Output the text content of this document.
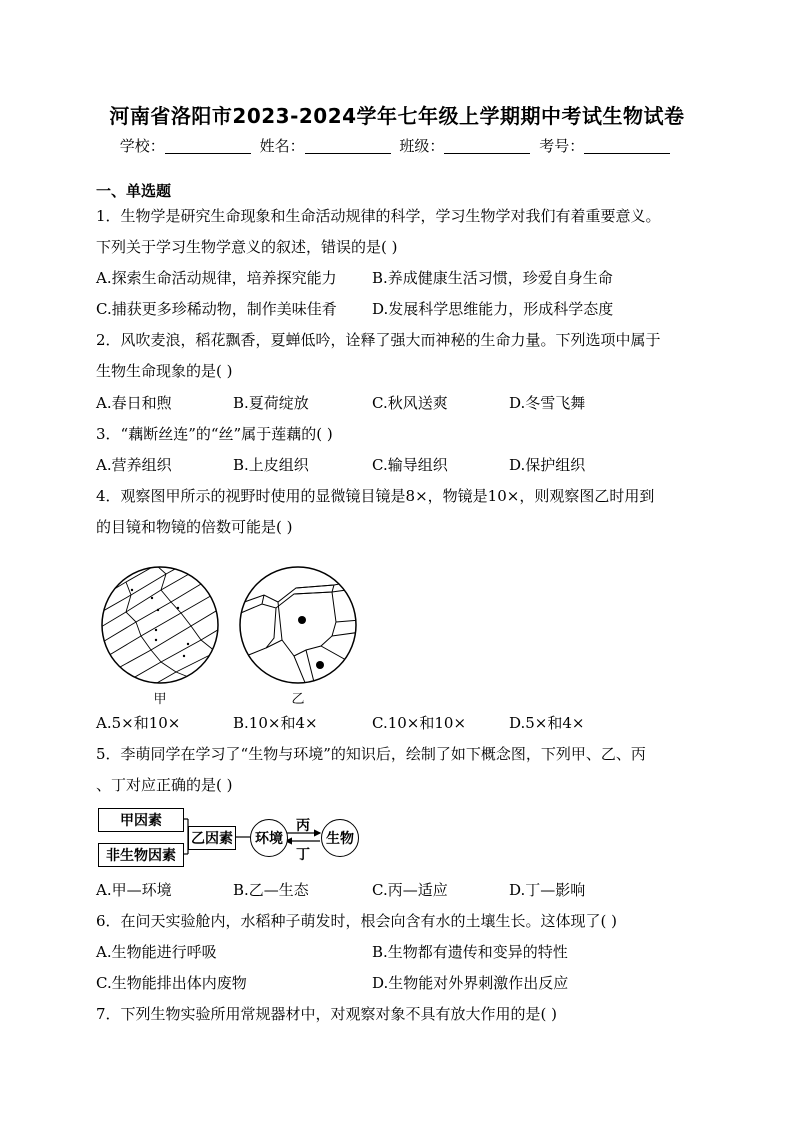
河南省洛阳市2023-2024学年七年级上学期期中考试生物试卷
学校：	姓名：	班级：	考号：
一、单选题
1．生物学是研究生命现象和生命活动规律的科学，学习生物学对我们有着重要意义。
下列关于学习生物学意义的叙述，错误的是( )
A.探索生命活动规律，培养探究能力 B.养成健康生活习惯，珍爱自身生命
C.捕获更多珍稀动物，制作美味佳肴 D.发展科学思维能力，形成科学态度
2．风吹麦浪，稻花飘香，夏蝉低吟，诠释了强大而神秘的生命力量。下列选项中属于
生物生命现象的是( )
A.春日和煦	B.夏荷绽放	C.秋风送爽	D.冬雪飞舞
3．“藕断丝连”的“丝”属于莲藕的( )
A.营养组织	B.上皮组织	C.输导组织	D.保护组织
4．观察图甲所示的视野时使用的显微镜目镜是8×，物镜是10×，则观察图乙时用到
的目镜和物镜的倍数可能是( )
甲	乙
A.5×和10×	B.10×和4×	C.10×和10×	D.5×和4×
5．李萌同学在学习了“生物与环境”的知识后，绘制了如下概念图，下列甲、乙、丙
、丁对应正确的是( )
甲因素
非生物因素
乙因素	环境	生物
丙
丁
A.甲—环境	B.乙—生态	C.丙—适应	D.丁—影响
6．在问天实验舱内，水稻种子萌发时，根会向含有水的土壤生长。这体现了( )
A.生物能进行呼吸	B.生物都有遗传和变异的特性
C.生物能排出体内废物	D.生物能对外界刺激作出反应
7．下列生物实验所用常规器材中，对观察对象不具有放大作用的是( )
